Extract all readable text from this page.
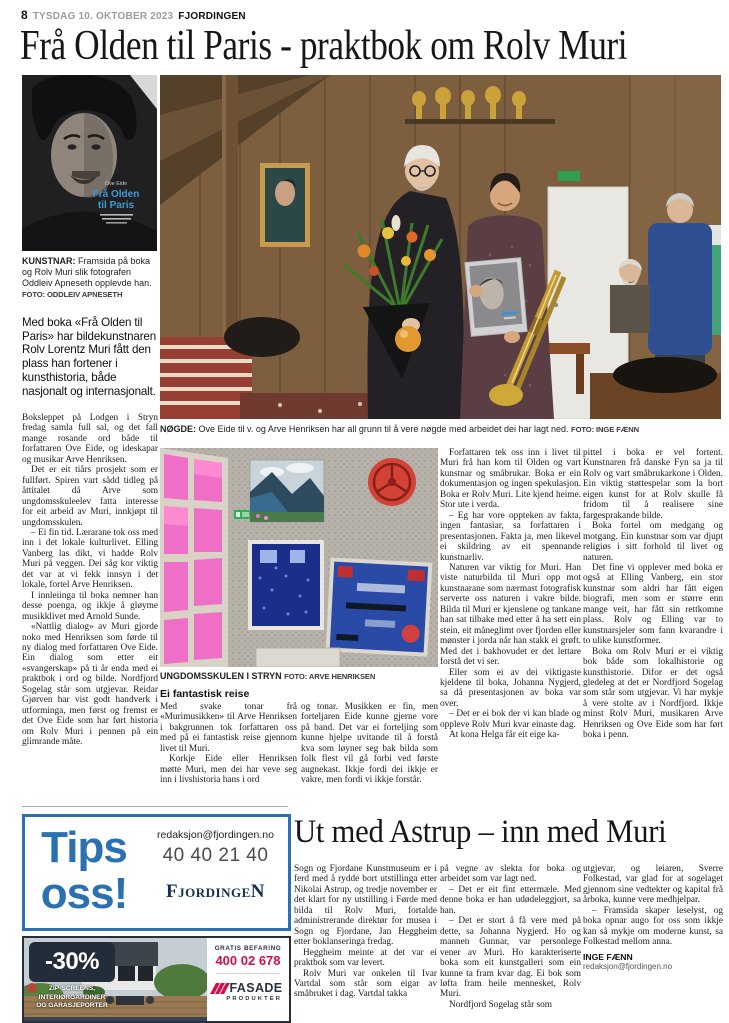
8 TYSDAG 10. OKTOBER 2023 FJORDINGEN
Frå Olden til Paris - praktbok om Rolv Muri
Ove Eide
Frå Olden
til Paris

KUNSTNAR: Framsida på boka og Rolv Muri slik fotografen Oddleiv Apneseth opplevde han. FOTO: ODDLEIV APNESETH

Med boka «Frå Olden til Paris» har bildekunstnaren Rolv Lorentz Muri fått den plass han fortener i kunsthistoria, både nasjonalt og internasjonalt.

Boksleppet på Lodgen i Stryn fredag samla full sal, og det fall mange rosande ord både til forfattaren Ove Eide, og ideskapar og musikar Arve Henriksen.

Det er eit tiårs prosjekt som er fullført. Spiren vart sådd tidleg på åttitalet då Arve som ungdomsskuleelev fatta interesse for eit arbeid av Muri, innkjøpt til ungdomsskulen.

– Ei fin tid. Lærarane tok oss med inn i det lokale kulturlivet. Elling Vanberg las dikt, vi hadde Rolv Muri på veggen. Dei såg kor viktig det var at vi fekk innsyn i det lokale, fortel Arve Henriksen.

I innleiinga til boka nemner han desse poenga, og ikkje å gløyme musikklivet med Arnold Sunde.

«Nattlig dialog» av Muri gjorde noko med Henriksen som førde til ny dialog med forfattaren Ove Eide. Ein dialog som etter eit «svangerskap» på ti år enda med ei praktbok i ord og bilde. Nordfjord Sogelag står som utgjevar. Reidar Gjørven har vist godt handverk i utforminga, men først og fremst er det Ove Eide som har ført historia om Rolv Muri i pennen på ein glimrande måte.

NØGDE: Ove Eide til v. og Arve Henriksen har all grunn til å vere nøgde med arbeidet dei har lagt ned. FOTO: INGE FÆNN

UNGDOMSSKULEN I STRYN FOTO: ARVE HENRIKSEN

Ei fantastisk reise

Med svake tonar frå «Murimusikken» til Arve Henriksen i bakgrunnen tok forfattaren oss med på ei fantastisk reise gjennom livet til Muri.

Korkje Eide eller Henriksen møtte Muri, men dei har veve seg inn i livshistoria hans i ord

og tonar. Musikken er fin, men forteljaren Eide kunne gjerne vore på band. Det var ei forteljing som kunne hjelpe uvitande til å forstå kva som løyner seg bak bilda som folk flest vil gå forbi ved første augnekast. Ikkje fordi dei ikkje er vakre, men fordi vi ikkje forstår.

Forfattaren tek oss inn i livet til Muri frå han kom til Olden og vart kunstnar og småbrukar. Boka er ein dokumentasjon og ingen spekulasjon. Boka er Rolv Muri. Lite kjend heime. Stor ute i verda.

– Eg har vore oppteken av fakta, ingen fantasiar, sa forfattaren i presentasjonen. Fakta ja, men likevel ei skildring av eit spennande kunstnarliv.

Naturen var viktig for Muri. Han viste naturbilda til Muri opp mot kunstnarane som nærmast fotografisk serverte oss naturen i vakre bilde. Bilda til Muri er kjenslene og tankane han sat tilbake med etter å ha sett ein stein, eit måneglimt over fjorden eller mønster i jorda når han stakk ei grøft. Med det i bakhovudet er det lettare forstå det vi ser.

Eller som ei av dei viktigaste kjeldene til boka, Johanna Nygjerd, sa då presentasjonen av boka var over.

– Det er ei bok der vi kan blade og oppleve Rolv Muri kvar einaste dag.

At kona Helga får eit eige ka-

pittel i boka er vel fortent. Kunstnaren frå danske Fyn sa ja til Rolv og vart småbrukarkone i Olden. Ein viktig støttespelar som la bort eigen kunst for at Rolv skulle få fridom til å realisere sine fargesprakande bilde.

Boka fortel om medgang og motgang. Ein kunstnar som var djupt religiøs i sitt forhold til livet og naturen.

Det fine vi opplever med boka er også at Elling Vanberg, ein stor kunstnar som aldri har fått eigen biografi, men som er større enn mange veit, har fått sin rettkomne plass. Rolv og Elling var to kunstnarsjeler som fann kvarandre i to ulike kunstformer.

Boka om Rolv Muri er ei viktig bok både som lokalhistorie og kunsthistorie. Difor er det også gledeleg at det er Nordfjord Sogelag som står som utgjevar. Vi har mykje å vere stolte av i Nordfjord. Ikkje minst Rolv Muri, musikaren Arve Henriksen og Ove Eide som har ført boka i penn.

Ut med Astrup – inn med Muri

Sogn og Fjordane Kunstmuseum er i ferd med å rydde bort utstillinga etter Nikolai Astrup, og tredje november er det klart for ny utstilling i Førde med bilda til Rolv Muri, fortalde administrerande direktør for musea i Sogn og Fjordane, Jan Heggheim etter boklanseringa fredag.

Heggheim meinte at det var ei praktbok som var levert.

Rolv Muri var onkelen til Ivar Vartdal som står som eigar av småbruket i dag. Vartdal takka

på vegne av slekta for boka og arbeidet som var lagt ned.

– Det er eit fint ettermæle. Med denne boka er han udødeleggjort, sa han.

– Det er stort å få vere med på dette, sa Johanna Nygjerd. Ho og mannen Gunnar, var personlege vener av Muri. Ho karakteriserte boka som eit kunstgalleri som ein kunne ta fram kvar dag. Ei bok som løfta fram heile mennesket, Rolv Muri.

Nordfjord Sogelag står som

utgjevar, og leiaren, Sverre Folkestad, var glad for at sogelaget gjennom sine vedtekter og kapital frå årboka, kunne vere medhjelpar.

– Framsida skaper leselyst, og boka opnar augo for oss som ikkje kan så mykje om moderne kunst, sa Folkestad mellom anna.

INGE FÆNN

redaksjon@fjordingen.no

Tips
oss!
redaksjon@fjordingen.no
40 40 21 40
FjordingeN
-30%
ZIP-SCREENS,
INTERIØRGARDINER
OG GARASJEPORTER
GRATIS BEFARING
400 02 678
FASADE
PRODUKTER
